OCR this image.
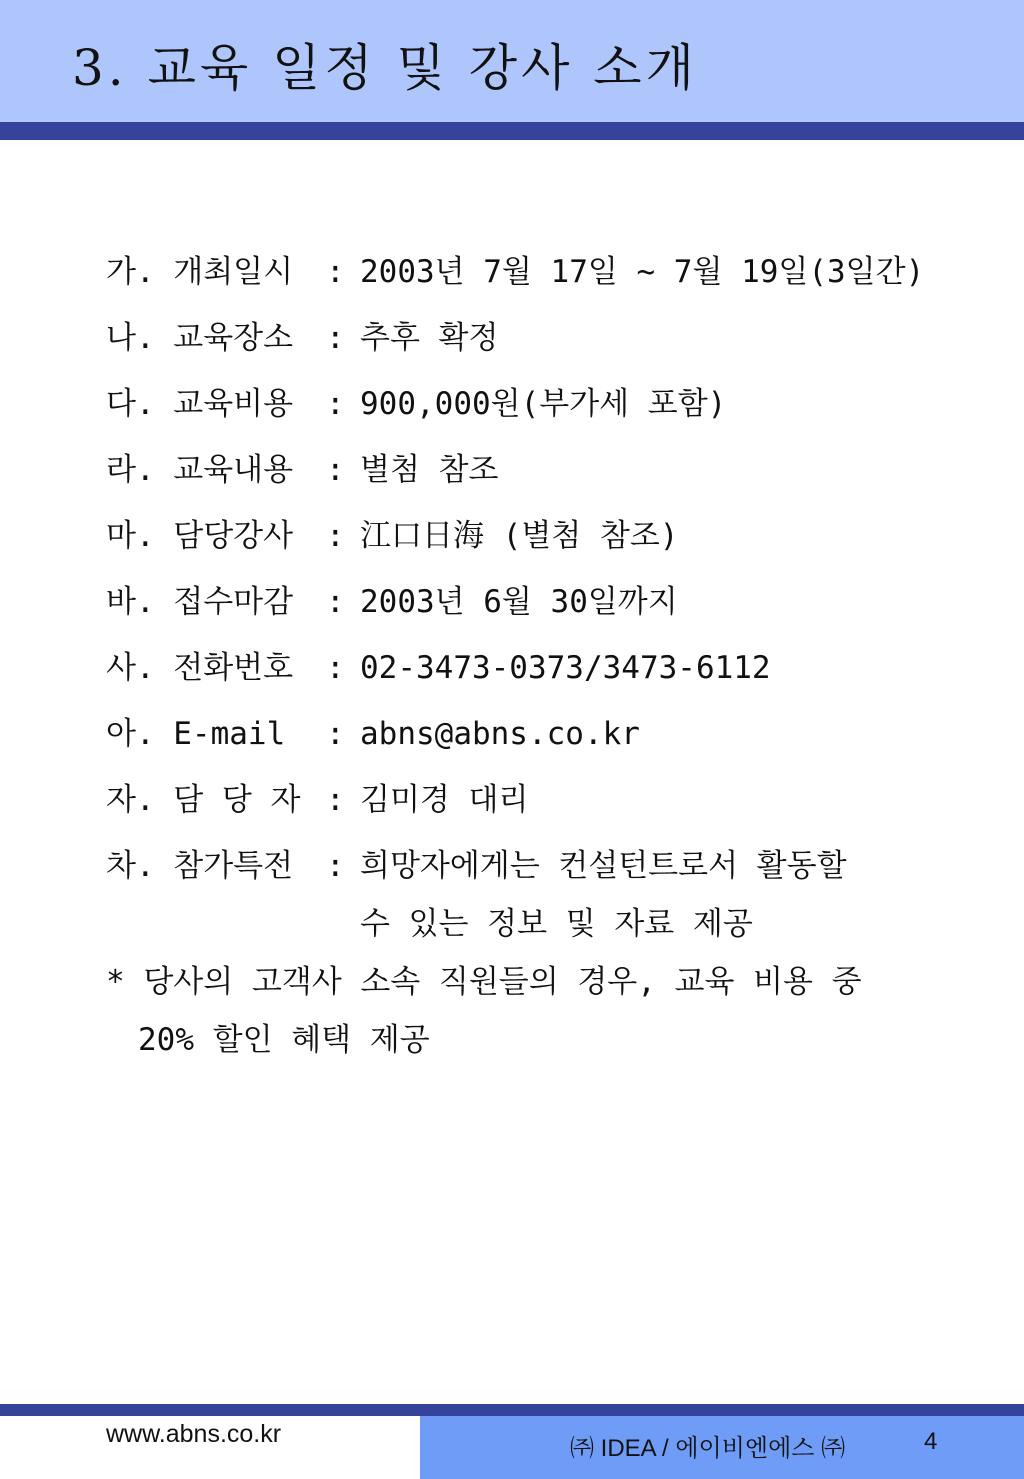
3. 교육 일정 및 강사 소개
가. 개최일시 : 2003년 7월 17일 ~ 7월 19일(3일간)
나. 교육장소 : 추후 확정
다. 교육비용 : 900,000원(부가세 포함)
라. 교육내용 : 별첨 참조
마. 담당강사 : 江口日海 (별첨 참조)
바. 접수마감 : 2003년 6월 30일까지
사. 전화번호 : 02-3473-0373/3473-6112
아. E-mail : abns@abns.co.kr
자. 담 당 자 : 김미경 대리
차. 참가특전 : 희망자에게는 컨설턴트로서 활동할
수 있는 정보 및 자료 제공
* 당사의 고객사 소속 직원들의 경우, 교육 비용 중
20% 할인 혜택 제공
www.abns.co.kr
㈜ IDEA / 에이비엔에스 ㈜	4
